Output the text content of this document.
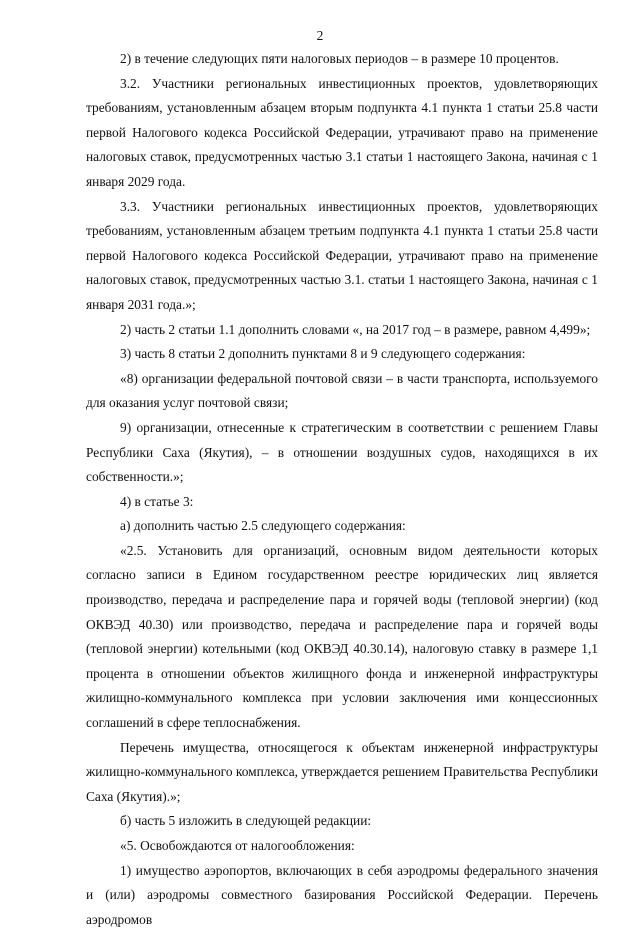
2

2) в течение следующих пяти налоговых периодов – в размере 10 процентов.

3.2. Участники региональных инвестиционных проектов, удовлетворяющих требованиям, установленным абзацем вторым подпункта 4.1 пункта 1 статьи 25.8 части первой Налогового кодекса Российской Федерации, утрачивают право на применение налоговых ставок, предусмотренных частью 3.1 статьи 1 настоящего Закона, начиная с 1 января 2029 года.

3.3. Участники региональных инвестиционных проектов, удовлетворяющих требованиям, установленным абзацем третьим подпункта 4.1 пункта 1 статьи 25.8 части первой Налогового кодекса Российской Федерации, утрачивают право на применение налоговых ставок, предусмотренных частью 3.1. статьи 1 настоящего Закона, начиная с 1 января 2031 года.»;

2) часть 2 статьи 1.1 дополнить словами «, на 2017 год – в размере, равном 4,499»;

3) часть 8 статьи 2 дополнить пунктами 8 и 9 следующего содержания:

«8) организации федеральной почтовой связи – в части транспорта, используемого для оказания услуг почтовой связи;

9) организации, отнесенные к стратегическим в соответствии с решением Главы Республики Саха (Якутия), – в отношении воздушных судов, находящихся в их собственности.»;

4) в статье 3:

а) дополнить частью 2.5 следующего содержания:

«2.5. Установить для организаций, основным видом деятельности которых согласно записи в Едином государственном реестре юридических лиц является производство, передача и распределение пара и горячей воды (тепловой энергии) (код ОКВЭД 40.30) или производство, передача и распределение пара и горячей воды (тепловой энергии) котельными (код ОКВЭД 40.30.14), налоговую ставку в размере 1,1 процента в отношении объектов жилищного фонда и инженерной инфраструктуры жилищно-коммунального комплекса при условии заключения ими концессионных соглашений в сфере теплоснабжения.

Перечень имущества, относящегося к объектам инженерной инфраструктуры жилищно-коммунального комплекса, утверждается решением Правительства Республики Саха (Якутия).»;

б) часть 5 изложить в следующей редакции:

«5. Освобождаются от налогообложения:

1) имущество аэропортов, включающих в себя аэродромы федерального значения и (или) аэродромы совместного базирования Российской Федерации. Перечень аэродромов
